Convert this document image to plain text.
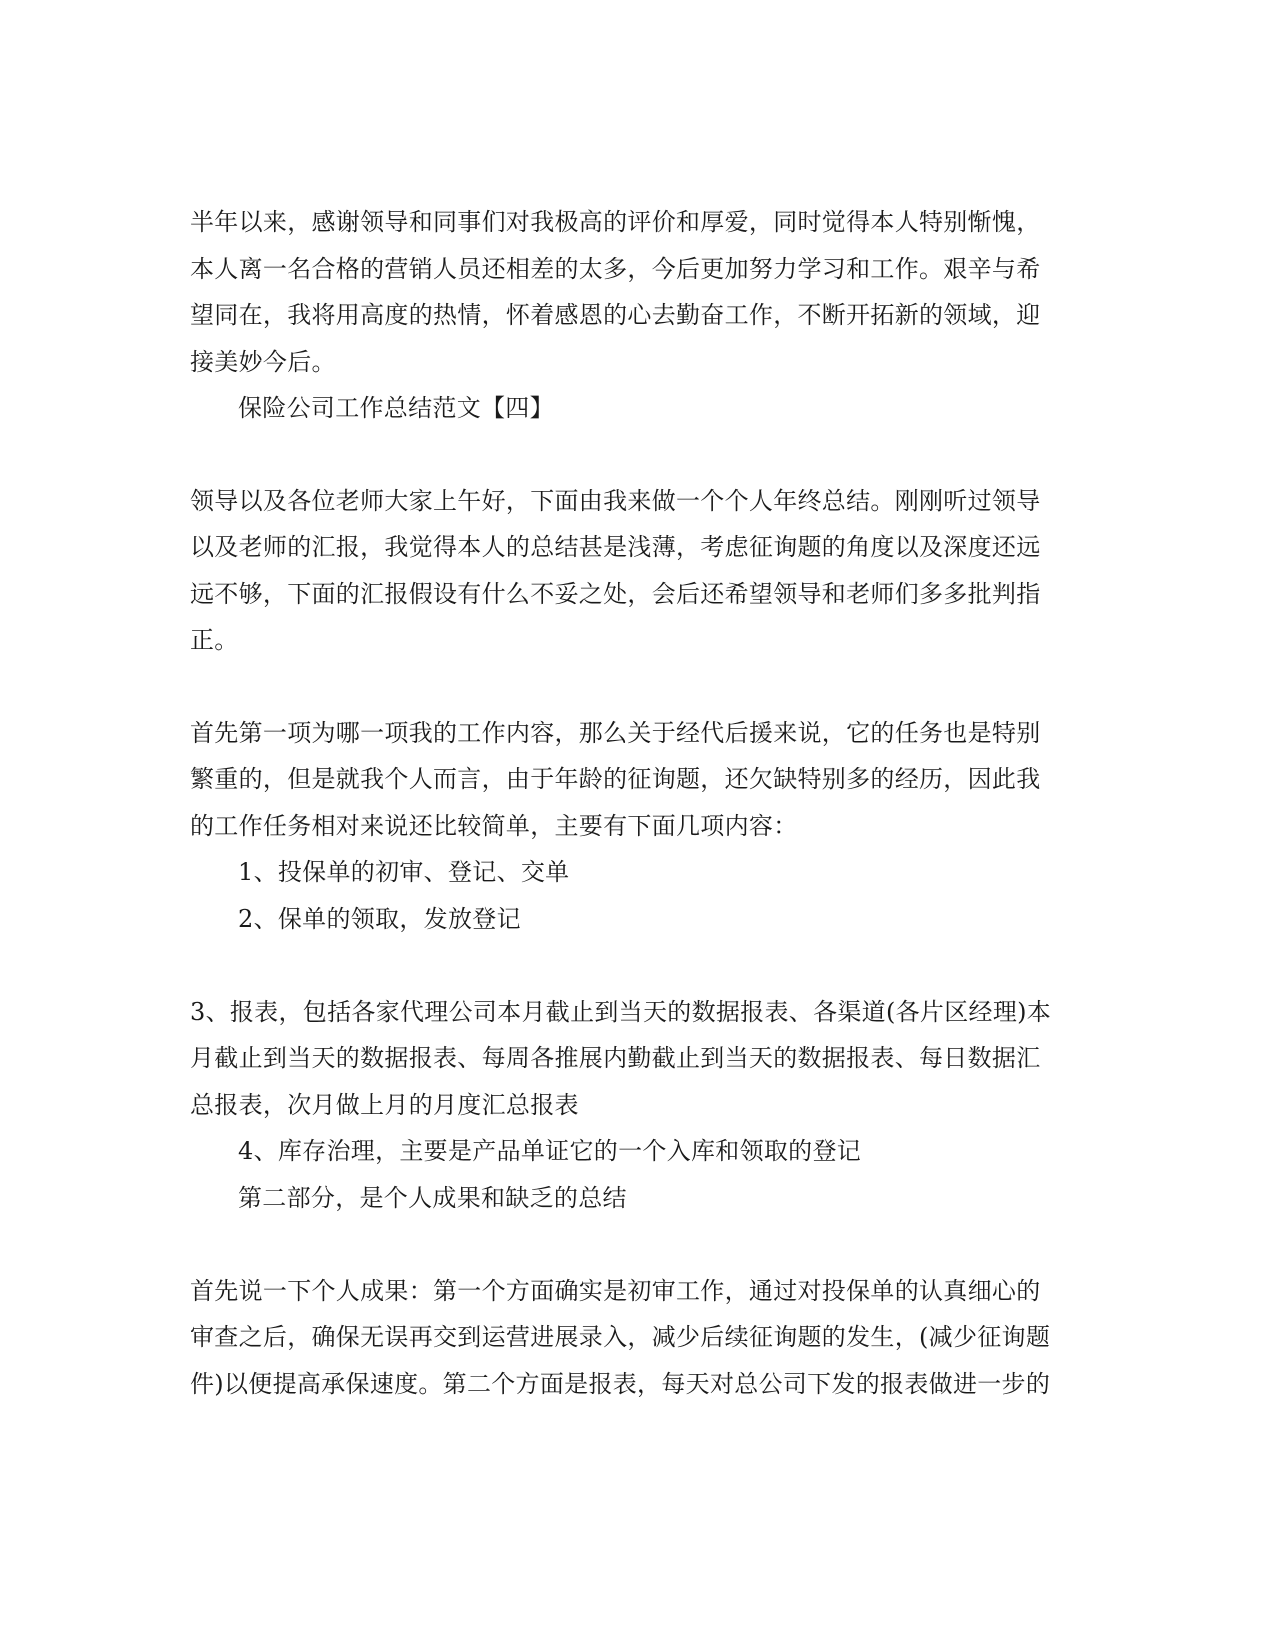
半年以来，感谢领导和同事们对我极高的评价和厚爱，同时觉得本人特别惭愧，

本人离一名合格的营销人员还相差的太多，今后更加努力学习和工作。艰辛与希

望同在，我将用高度的热情，怀着感恩的心去勤奋工作，不断开拓新的领域，迎

接美妙今后。

保险公司工作总结范文【四】

领导以及各位老师大家上午好，下面由我来做一个个人年终总结。刚刚听过领导

以及老师的汇报，我觉得本人的总结甚是浅薄，考虑征询题的角度以及深度还远

远不够，下面的汇报假设有什么不妥之处，会后还希望领导和老师们多多批判指

正。

首先第一项为哪一项我的工作内容，那么关于经代后援来说，它的任务也是特别

繁重的，但是就我个人而言，由于年龄的征询题，还欠缺特别多的经历，因此我

的工作任务相对来说还比较简单，主要有下面几项内容：

1、投保单的初审、登记、交单

2、保单的领取，发放登记

3、报表，包括各家代理公司本月截止到当天的数据报表、各渠道(各片区经理)本

月截止到当天的数据报表、每周各推展内勤截止到当天的数据报表、每日数据汇

总报表，次月做上月的月度汇总报表

4、库存治理，主要是产品单证它的一个入库和领取的登记

第二部分，是个人成果和缺乏的总结

首先说一下个人成果：第一个方面确实是初审工作，通过对投保单的认真细心的

审查之后，确保无误再交到运营进展录入，减少后续征询题的发生，(减少征询题

件)以便提高承保速度。第二个方面是报表，每天对总公司下发的报表做进一步的
